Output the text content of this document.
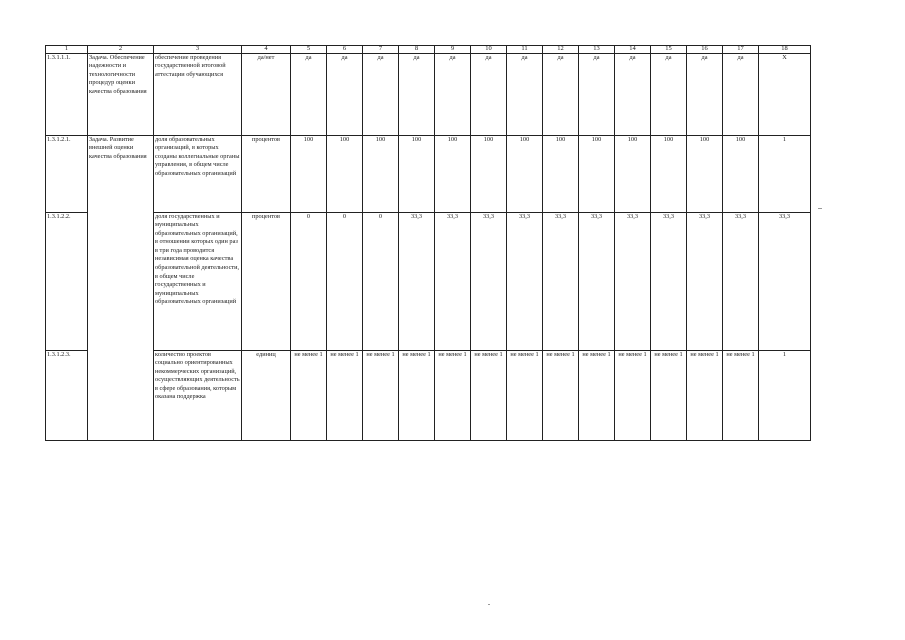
1	2	3	4	5	6	7	8	9	10	11	12	13	14	15	16	17	18
1.3.1.1.1.	Задача. Обеспечение надежности и технологичности процедур оценки качества образования	обеспечение проведения государственной итоговой аттестации обучающихся	да/нет	да	да	да	да	да	да	да	да	да	да	да	да	да	Х
1.3.1.2.1.	Задача. Развитие внешней оценки качества образования	доля образовательных организаций, в которых созданы коллегиальные органы управления, в общем числе образовательных организаций	процентов	100	100	100	100	100	100	100	100	100	100	100	100	100	1
1.3.1.2.2.		доля государственных и муниципальных образовательных организаций, в отношении которых один раз в три года проводится независимая оценка качества образовательной деятельности, в общем числе государственных и муниципальных образовательных организаций	процентов	0	0	0	33,3	33,3	33,3	33,3	33,3	33,3	33,3	33,3	33,3	33,3	33,3
1.3.1.2.3.		количество проектов социально ориентированных некоммерческих организаций, осуществляющих деятельность в сфере образования, которым оказана поддержка	единиц	не менее 1	не менее 1	не менее 1	не менее 1	не менее 1	не менее 1	не менее 1	не менее 1	не менее 1	не менее 1	не менее 1	не менее 1	не менее 1	1
